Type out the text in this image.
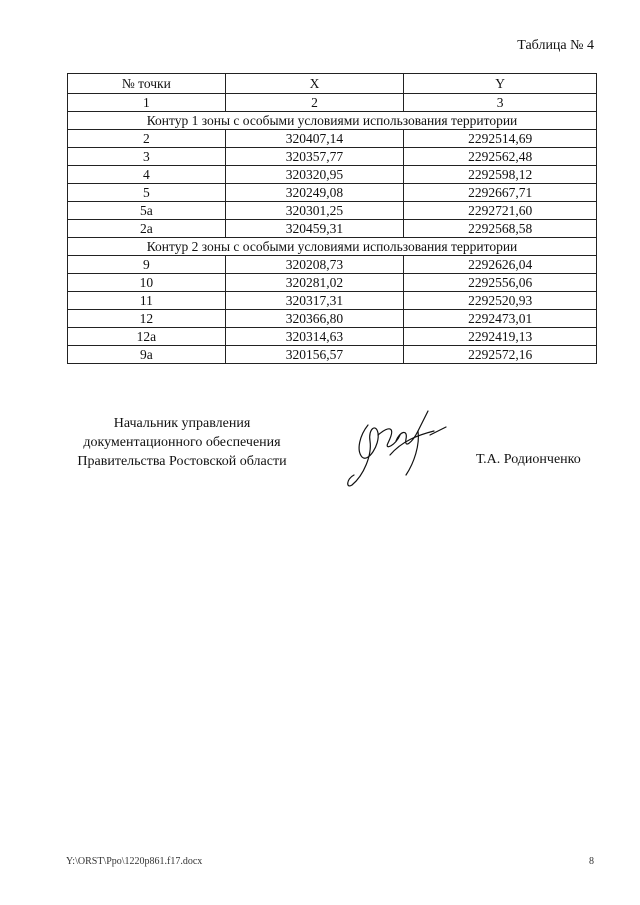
Таблица № 4
№ точки	X	Y
1	2	3
Контур 1 зоны с особыми условиями использования территории		
2	320407,14	2292514,69
3	320357,77	2292562,48
4	320320,95	2292598,12
5	320249,08	2292667,71
5а	320301,25	2292721,60
2а	320459,31	2292568,58
Контур 2 зоны с особыми условиями использования территории		
9	320208,73	2292626,04
10	320281,02	2292556,06
11	320317,31	2292520,93
12	320366,80	2292473,01
12а	320314,63	2292419,13
9а	320156,57	2292572,16
Начальник управления
документационного обеспечения
Правительства Ростовской области	Т.А. Родионченко
Y:\ORST\Ppo\1220p861.f17.docx	8
